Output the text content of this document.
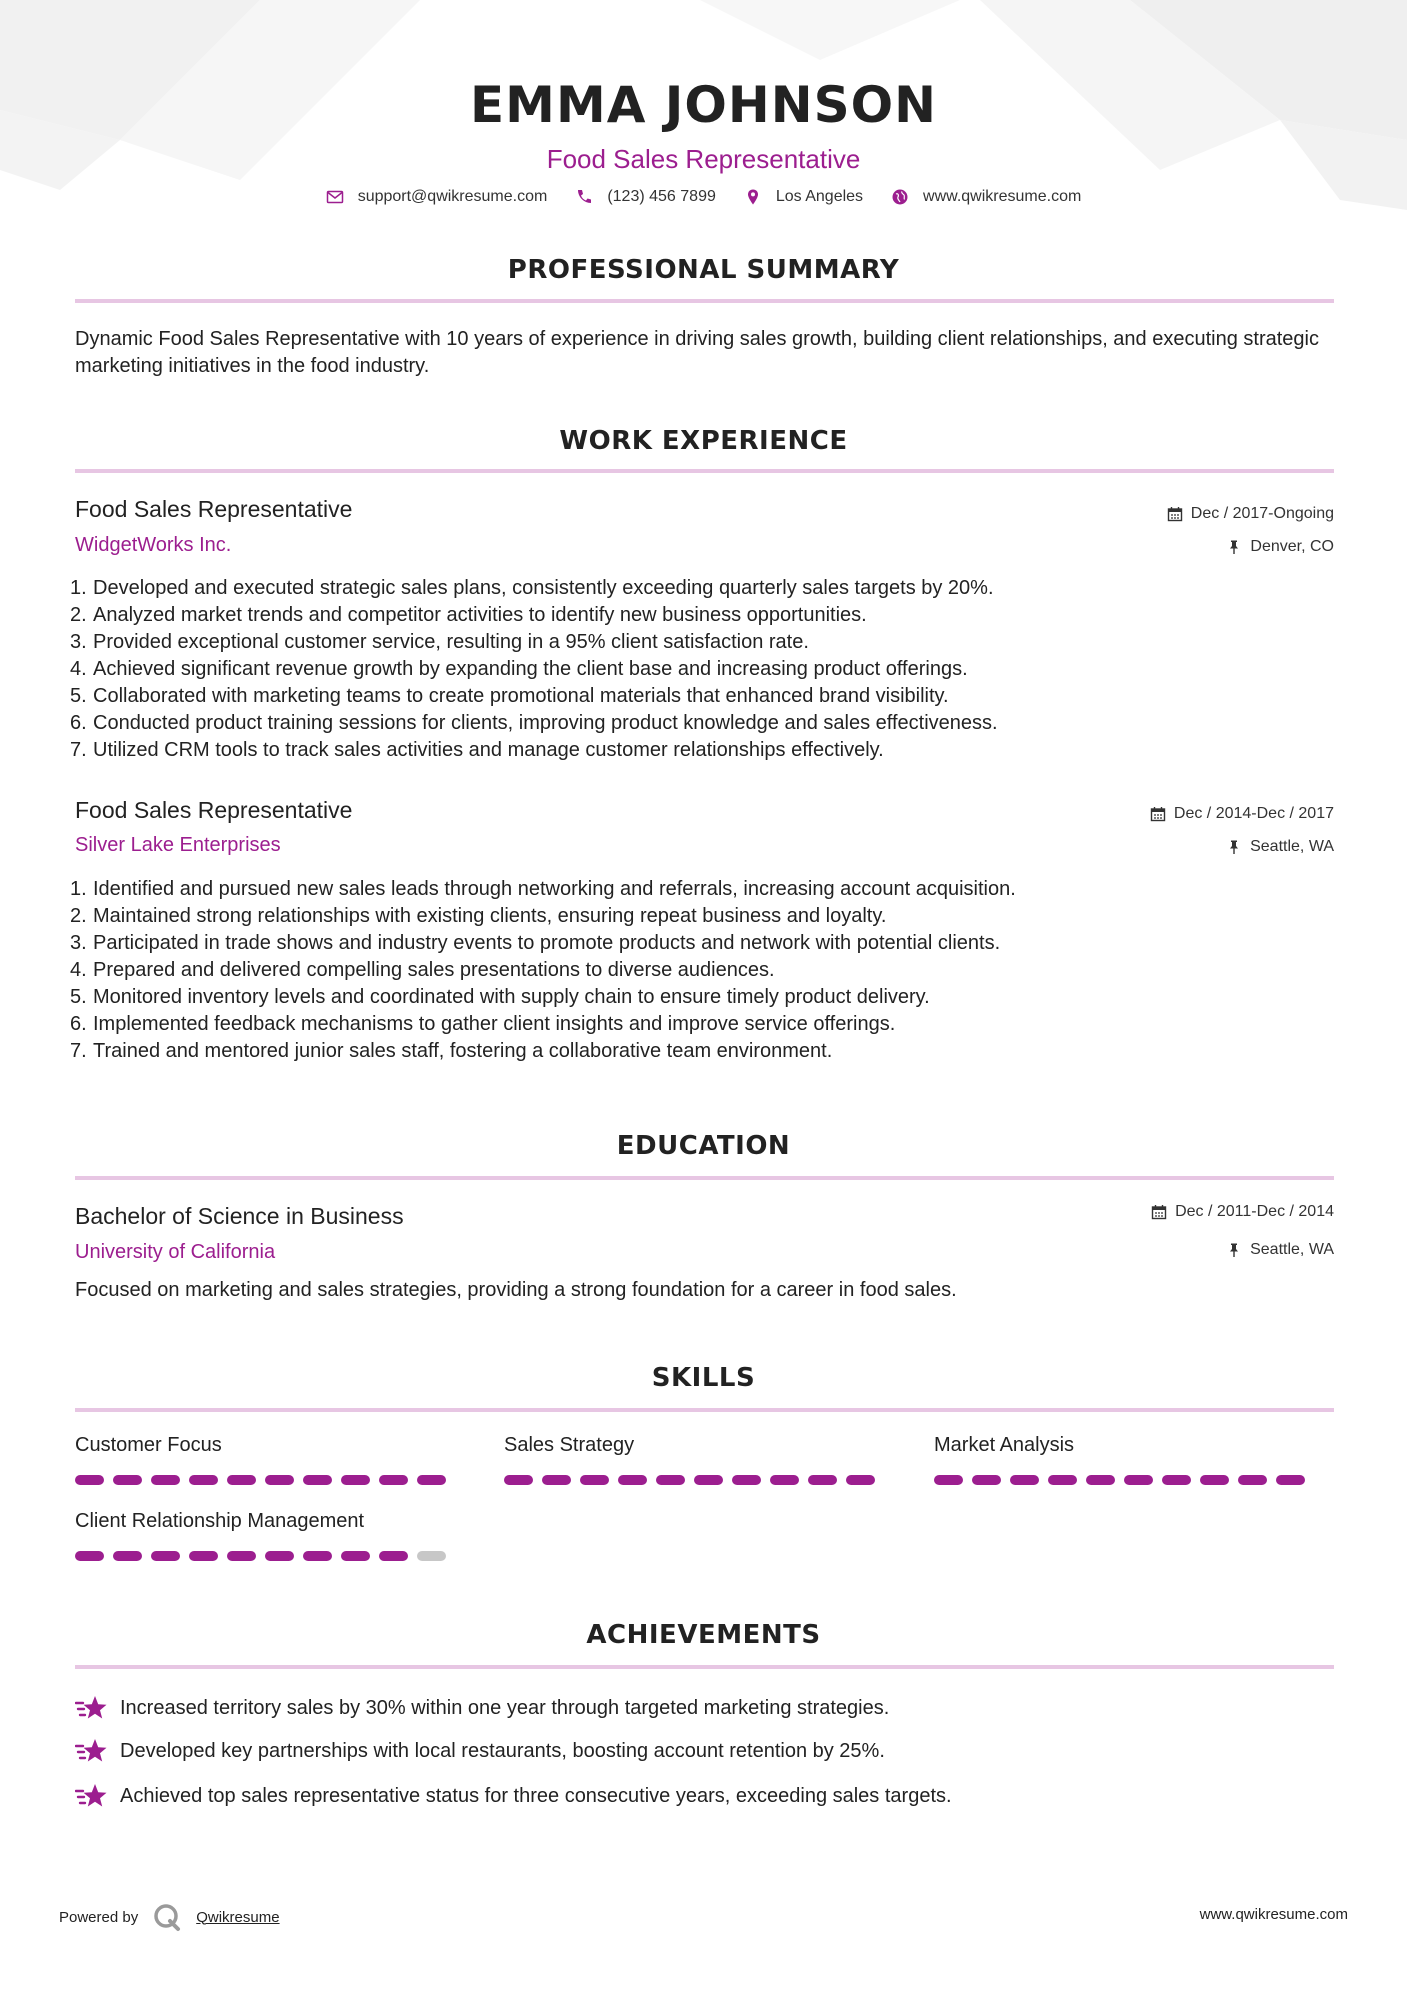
EMMA JOHNSON
Food Sales Representative
support@qwikresume.com	(123) 456 7899	Los Angeles	www.qwikresume.com
PROFESSIONAL SUMMARY
Dynamic Food Sales Representative with 10 years of experience in driving sales growth, building client relationships, and executing strategic marketing initiatives in the food industry.
WORK EXPERIENCE
Food Sales Representative
WidgetWorks Inc.
Dec / 2017-Ongoing
Denver, CO
1. Developed and executed strategic sales plans, consistently exceeding quarterly sales targets by 20%.
2. Analyzed market trends and competitor activities to identify new business opportunities.
3. Provided exceptional customer service, resulting in a 95% client satisfaction rate.
4. Achieved significant revenue growth by expanding the client base and increasing product offerings.
5. Collaborated with marketing teams to create promotional materials that enhanced brand visibility.
6. Conducted product training sessions for clients, improving product knowledge and sales effectiveness.
7. Utilized CRM tools to track sales activities and manage customer relationships effectively.
Food Sales Representative
Silver Lake Enterprises
Dec / 2014-Dec / 2017
Seattle, WA
1. Identified and pursued new sales leads through networking and referrals, increasing account acquisition.
2. Maintained strong relationships with existing clients, ensuring repeat business and loyalty.
3. Participated in trade shows and industry events to promote products and network with potential clients.
4. Prepared and delivered compelling sales presentations to diverse audiences.
5. Monitored inventory levels and coordinated with supply chain to ensure timely product delivery.
6. Implemented feedback mechanisms to gather client insights and improve service offerings.
7. Trained and mentored junior sales staff, fostering a collaborative team environment.
EDUCATION
Bachelor of Science in Business
University of California
Dec / 2011-Dec / 2014
Seattle, WA
Focused on marketing and sales strategies, providing a strong foundation for a career in food sales.
SKILLS
Customer Focus	Sales Strategy	Market Analysis
Client Relationship Management
ACHIEVEMENTS
Increased territory sales by 30% within one year through targeted marketing strategies.
Developed key partnerships with local restaurants, boosting account retention by 25%.
Achieved top sales representative status for three consecutive years, exceeding sales targets.
Powered by	Qwikresume	www.qwikresume.com
